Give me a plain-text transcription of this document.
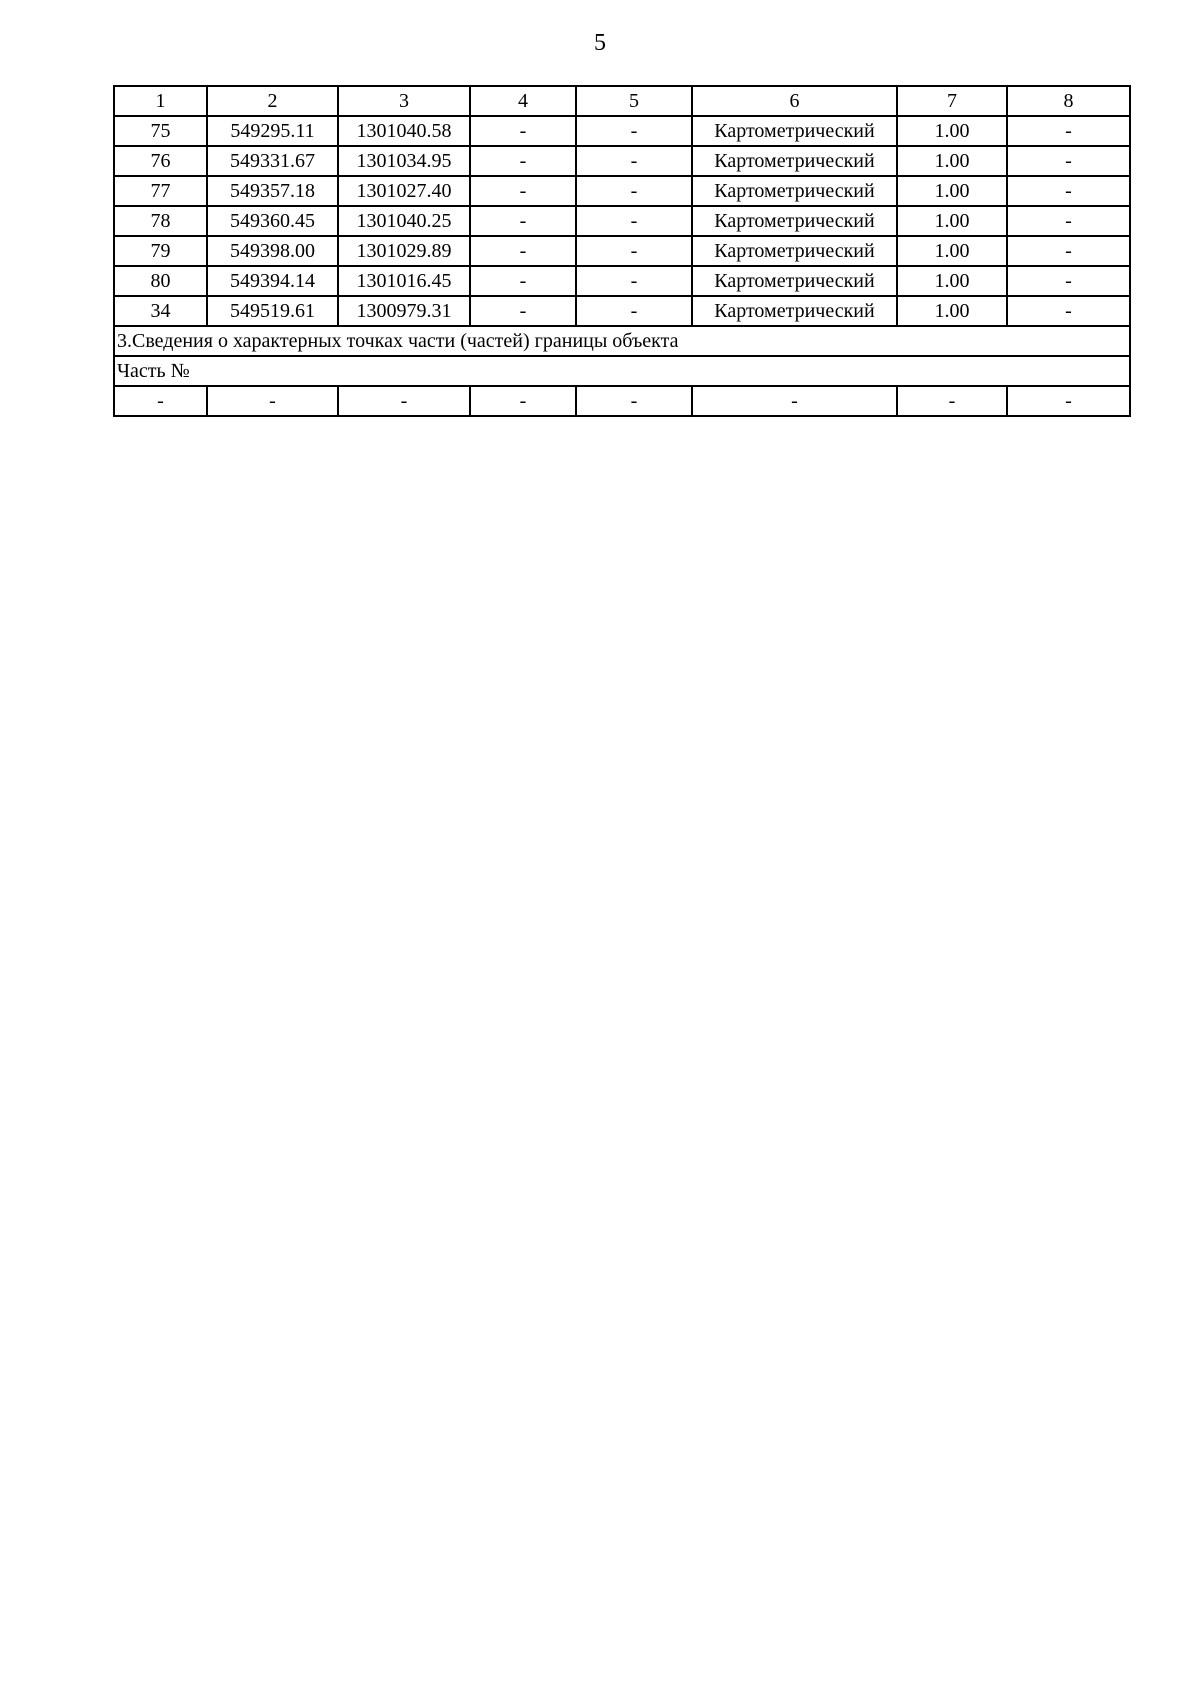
5
1	2	3	4	5	6	7	8
75	549295.11	1301040.58	-	-	Картометрический	1.00	-
76	549331.67	1301034.95	-	-	Картометрический	1.00	-
77	549357.18	1301027.40	-	-	Картометрический	1.00	-
78	549360.45	1301040.25	-	-	Картометрический	1.00	-
79	549398.00	1301029.89	-	-	Картометрический	1.00	-
80	549394.14	1301016.45	-	-	Картометрический	1.00	-
34	549519.61	1300979.31	-	-	Картометрический	1.00	-
3.Сведения о характерных точках части (частей) границы объекта							
Часть №							
-	-	-	-	-	-	-	-
